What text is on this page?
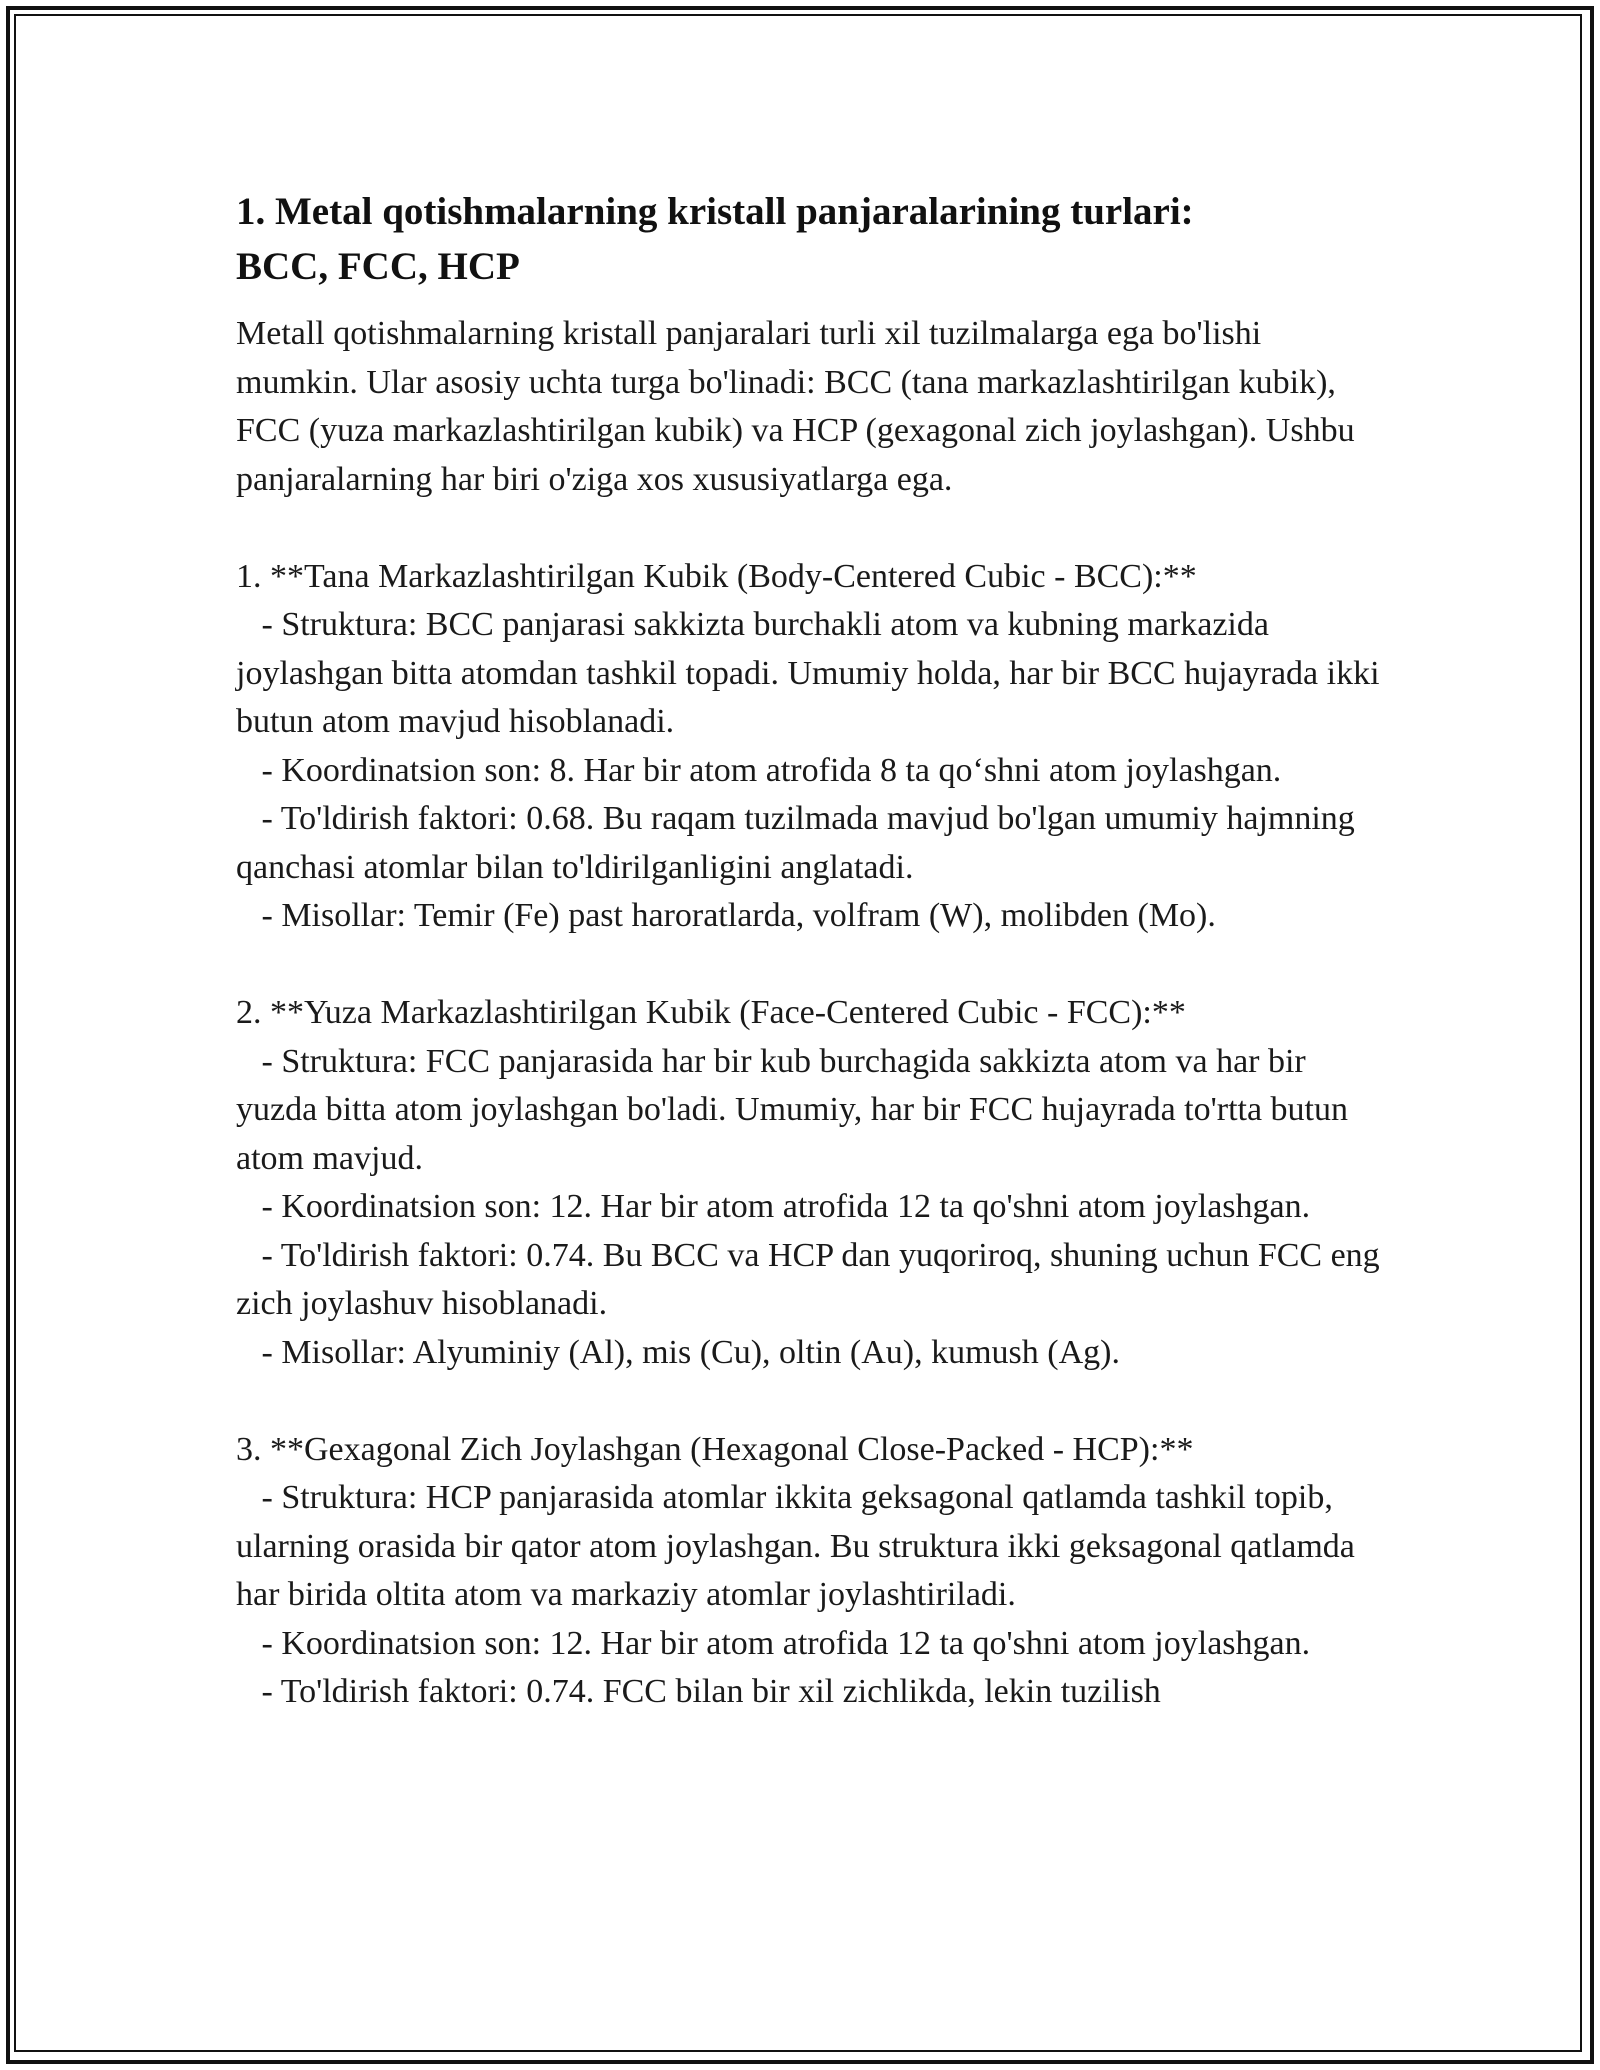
1. Metal qotishmalarning kristall panjaralarining turlari:
BCC, FCC, HCP

Metall qotishmalarning kristall panjaralari turli xil tuzilmalarga ega bo'lishi mumkin. Ular asosiy uchta turga bo'linadi: BCC (tana markazlashtirilgan kubik), FCC (yuza markazlashtirilgan kubik) va HCP (gexagonal zich joylashgan). Ushbu panjaralarning har biri o'ziga xos xususiyatlarga ega.

1. **Tana Markazlashtirilgan Kubik (Body-Centered Cubic - BCC):**

- Struktura: BCC panjarasi sakkizta burchakli atom va kubning markazida joylashgan bitta atomdan tashkil topadi. Umumiy holda, har bir BCC hujayrada ikki butun atom mavjud hisoblanadi.

- Koordinatsion son: 8. Har bir atom atrofida 8 ta qo‘shni atom joylashgan.

- To'ldirish faktori: 0.68. Bu raqam tuzilmada mavjud bo'lgan umumiy hajmning qanchasi atomlar bilan to'ldirilganligini anglatadi.

- Misollar: Temir (Fe) past haroratlarda, volfram (W), molibden (Mo).

2. **Yuza Markazlashtirilgan Kubik (Face-Centered Cubic - FCC):**

- Struktura: FCC panjarasida har bir kub burchagida sakkizta atom va har bir yuzda bitta atom joylashgan bo'ladi. Umumiy, har bir FCC hujayrada to'rtta butun atom mavjud.

- Koordinatsion son: 12. Har bir atom atrofida 12 ta qo'shni atom joylashgan.

- To'ldirish faktori: 0.74. Bu BCC va HCP dan yuqoriroq, shuning uchun FCC eng zich joylashuv hisoblanadi.

- Misollar: Alyuminiy (Al), mis (Cu), oltin (Au), kumush (Ag).

3. **Gexagonal Zich Joylashgan (Hexagonal Close-Packed - HCP):**

- Struktura: HCP panjarasida atomlar ikkita geksagonal qatlamda tashkil topib, ularning orasida bir qator atom joylashgan. Bu struktura ikki geksagonal qatlamda har birida oltita atom va markaziy atomlar joylashtiriladi.

- Koordinatsion son: 12. Har bir atom atrofida 12 ta qo'shni atom joylashgan.

- To'ldirish faktori: 0.74. FCC bilan bir xil zichlikda, lekin tuzilish
